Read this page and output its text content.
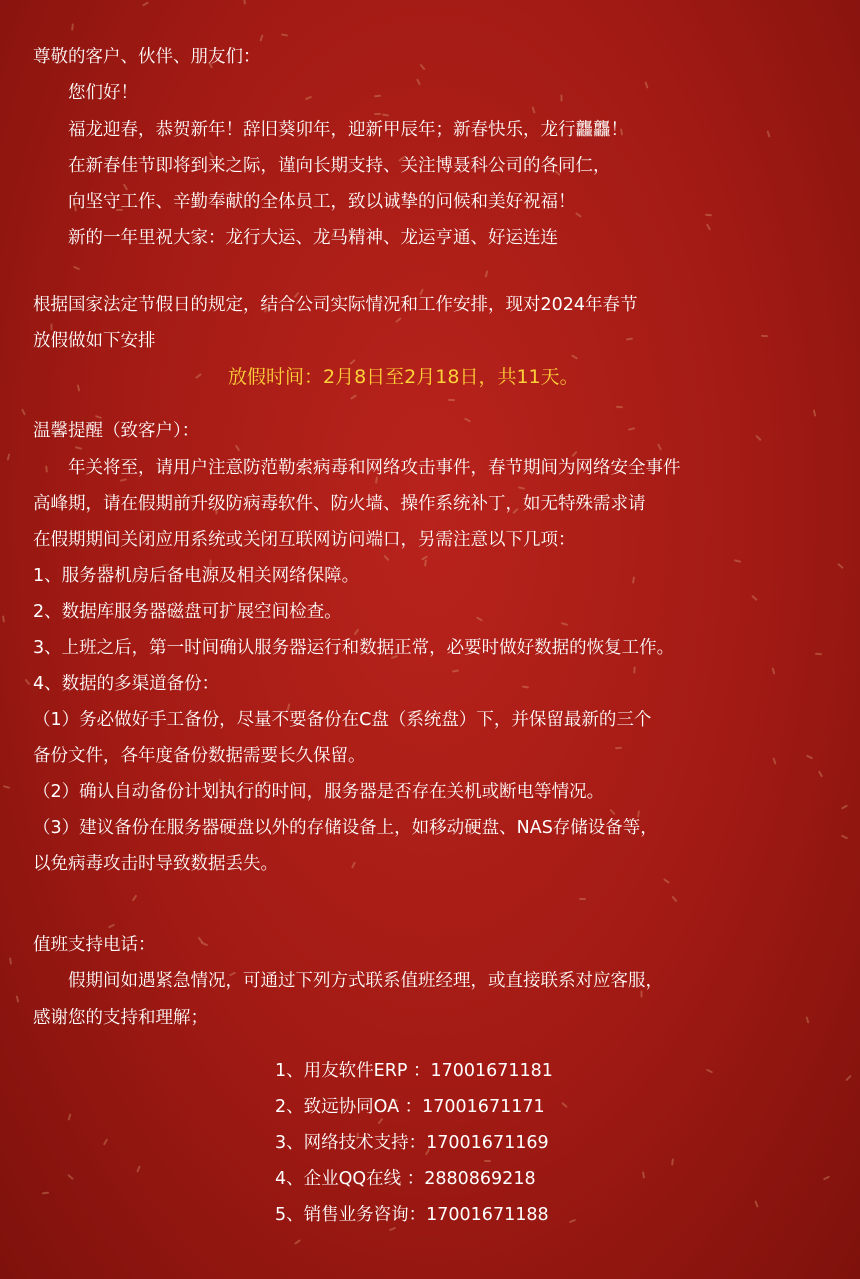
尊敬的客户、伙伴、朋友们：
您们好！
福龙迎春，恭贺新年！辞旧葵卯年，迎新甲辰年；新春快乐，龙行龘龘！
在新春佳节即将到来之际，谨向长期支持、关注博聂科公司的各同仁，
向坚守工作、辛勤奉献的全体员工，致以诚挚的问候和美好祝福！
新的一年里祝大家：龙行大运、龙马精神、龙运亨通、好运连连
根据国家法定节假日的规定，结合公司实际情况和工作安排，现对2024年春节
放假做如下安排
放假时间：2月8日至2月18日，共11天。
温馨提醒（致客户）：
年关将至，请用户注意防范勒索病毒和网络攻击事件，春节期间为网络安全事件
高峰期，请在假期前升级防病毒软件、防火墙、操作系统补丁，如无特殊需求请
在假期期间关闭应用系统或关闭互联网访问端口，另需注意以下几项：
1、服务器机房后备电源及相关网络保障。
2、数据库服务器磁盘可扩展空间检查。
3、上班之后，第一时间确认服务器运行和数据正常，必要时做好数据的恢复工作。
4、数据的多渠道备份：
（1）务必做好手工备份，尽量不要备份在C盘（系统盘）下，并保留最新的三个
备份文件，各年度备份数据需要长久保留。
（2）确认自动备份计划执行的时间，服务器是否存在关机或断电等情况。
（3）建议备份在服务器硬盘以外的存储设备上，如移动硬盘、NAS存储设备等，
以免病毒攻击时导致数据丢失。
值班支持电话：
假期间如遇紧急情况，可通过下列方式联系值班经理，或直接联系对应客服，
感谢您的支持和理解；
1、用友软件ERP ：17001671181
2、致远协同OA ：17001671171
3、网络技术支持：17001671169
4、企业QQ在线 ：2880869218
5、销售业务咨询：17001671188
